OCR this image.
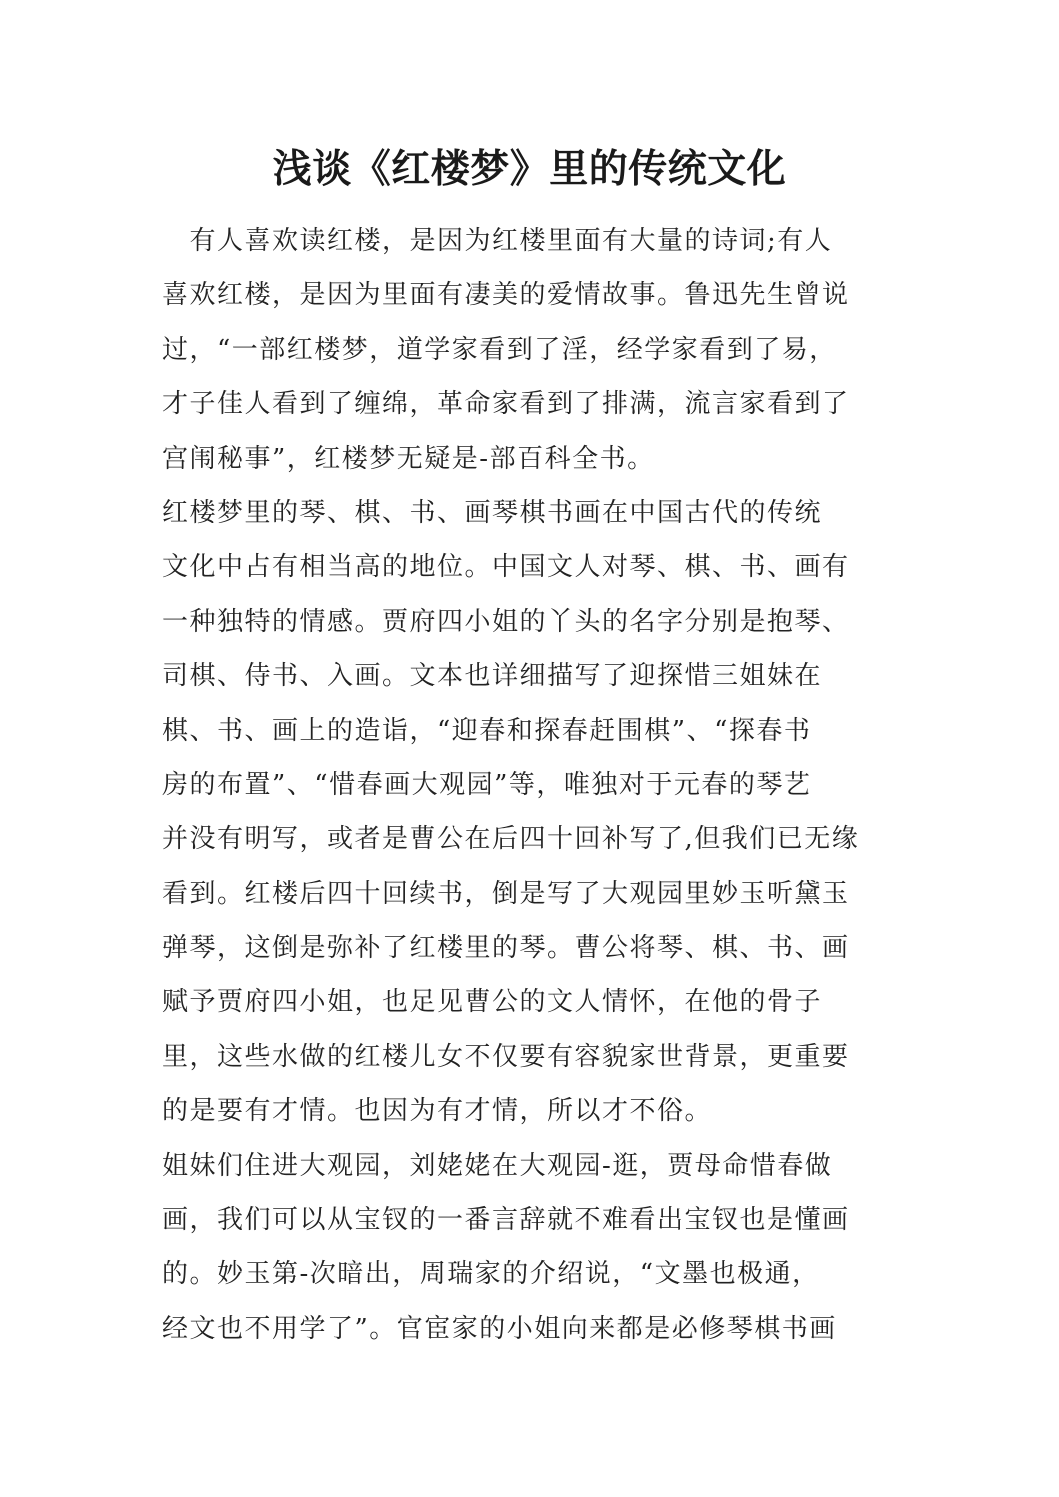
浅谈《红楼梦》里的传统文化

　有人喜欢读红楼，是因为红楼里面有大量的诗词;有人

喜欢红楼，是因为里面有凄美的爱情故事。鲁迅先生曾说

过，“一部红楼梦，道学家看到了淫，经学家看到了易，

才子佳人看到了缠绵，革命家看到了排满，流言家看到了

宫闱秘事”，红楼梦无疑是-部百科全书。

红楼梦里的琴、棋、书、画琴棋书画在中国古代的传统

文化中占有相当高的地位。中国文人对琴、棋、书、画有

一种独特的情感。贾府四小姐的丫头的名字分别是抱琴、

司棋、侍书、入画。文本也详细描写了迎探惜三姐妹在

棋、书、画上的造诣，“迎春和探春赶围棋”、“探春书

房的布置”、“惜春画大观园”等，唯独对于元春的琴艺

并没有明写，或者是曹公在后四十回补写了,但我们已无缘

看到。红楼后四十回续书，倒是写了大观园里妙玉听黛玉

弹琴，这倒是弥补了红楼里的琴。曹公将琴、棋、书、画

赋予贾府四小姐，也足见曹公的文人情怀，在他的骨子

里，这些水做的红楼儿女不仅要有容貌家世背景，更重要

的是要有才情。也因为有才情，所以才不俗。

姐妹们住进大观园，刘姥姥在大观园-逛，贾母命惜春做

画，我们可以从宝钗的一番言辞就不难看出宝钗也是懂画

的。妙玉第-次暗出，周瑞家的介绍说，“文墨也极通，

经文也不用学了”。官宦家的小姐向来都是必修琴棋书画
